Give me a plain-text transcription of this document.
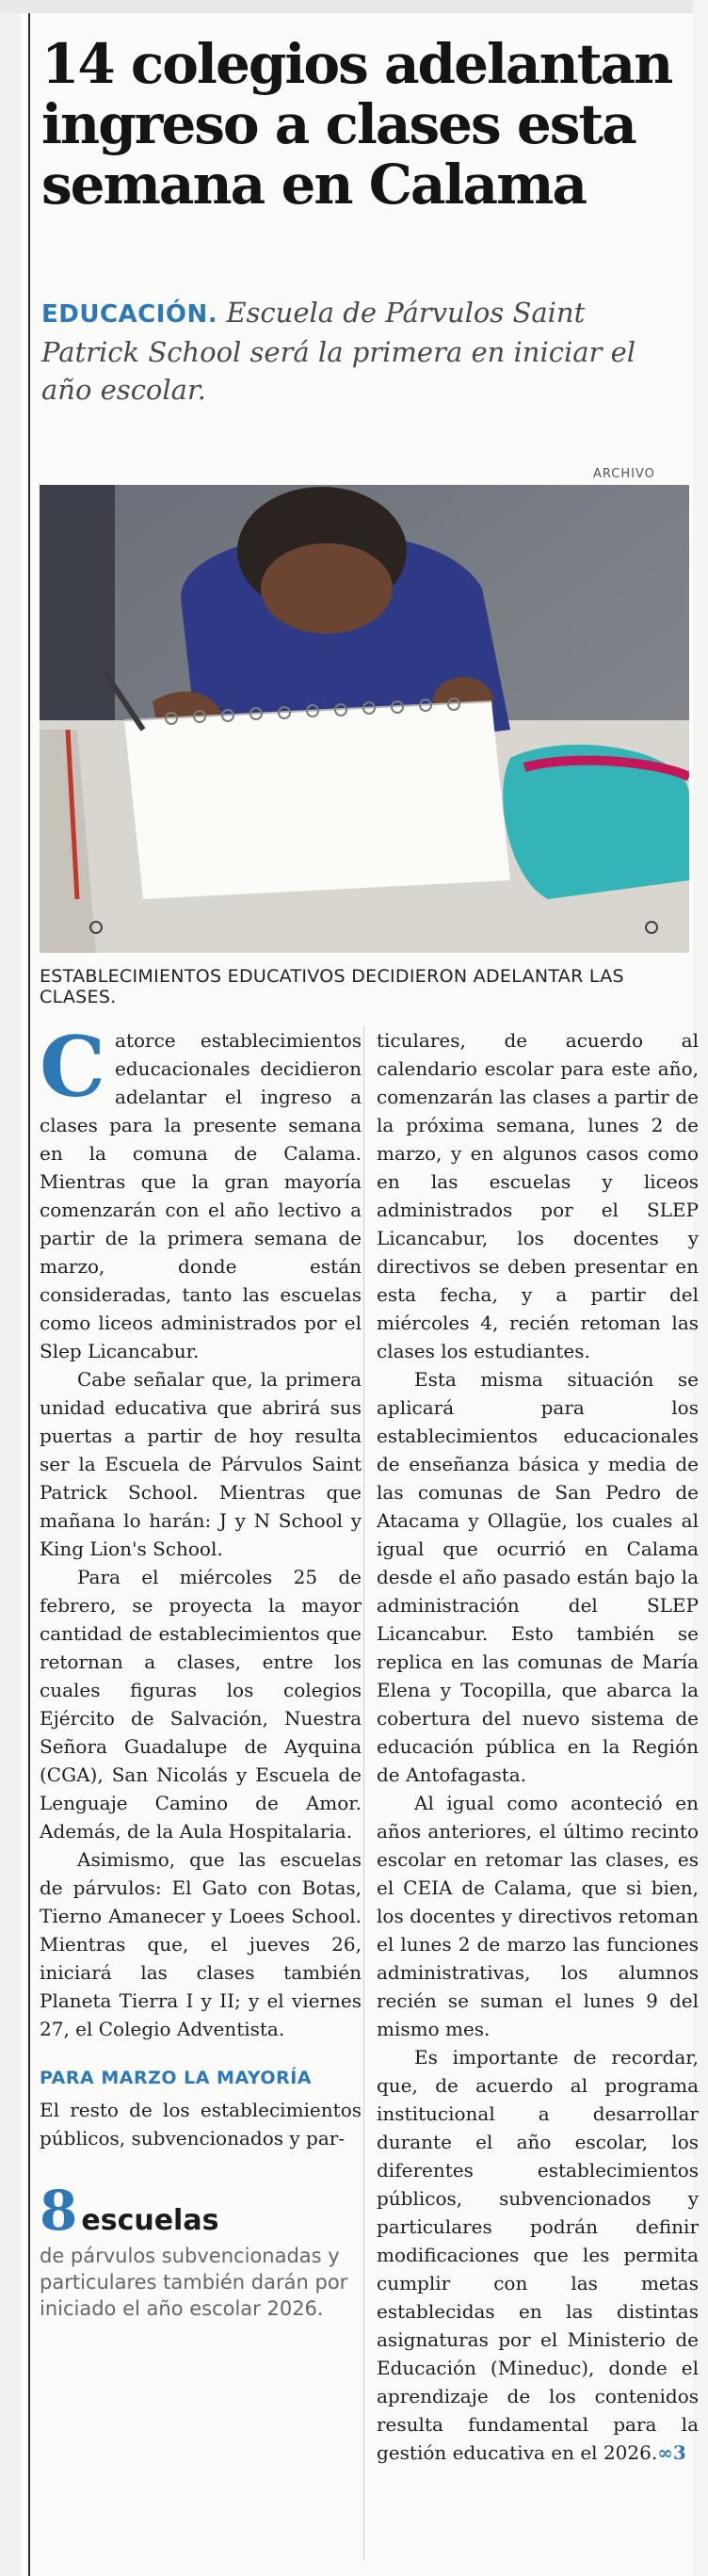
14 colegios adelantan ingreso a clases esta semana en Calama

EDUCACIÓN. Escuela de Párvulos Saint Patrick School será la primera en iniciar el año escolar.

ARCHIVO
ESTABLECIMIENTOS EDUCATIVOS DECIDIERON ADELANTAR LAS CLASES.

Catorce establecimientos educacionales decidieron adelantar el ingreso a clases para la presente semana en la comuna de Calama. Mientras que la gran mayoría comenzarán con el año lectivo a partir de la primera semana de marzo, donde están consideradas, tanto las escuelas como liceos administrados por el Slep Licancabur.

Cabe señalar que, la primera unidad educativa que abrirá sus puertas a partir de hoy resulta ser la Escuela de Párvulos Saint Patrick School. Mientras que mañana lo harán: J y N School y King Lion's School.

Para el miércoles 25 de febrero, se proyecta la mayor cantidad de establecimientos que retornan a clases, entre los cuales figuras los colegios Ejército de Salvación, Nuestra Señora Guadalupe de Ayquina (CGA), San Nicolás y Escuela de Lenguaje Camino de Amor. Además, de la Aula Hospitalaria.

Asimismo, que las escuelas de párvulos: El Gato con Botas, Tierno Amanecer y Loees School. Mientras que, el jueves 26, iniciará las clases también Planeta Tierra I y II; y el viernes 27, el Colegio Adventista.

PARA MARZO LA MAYORÍA

El resto de los establecimientos públicos, subvencionados y par-

8 escuelas
de párvulos subvencionadas y particulares también darán por iniciado el año escolar 2026.

ticulares, de acuerdo al calendario escolar para este año, comenzarán las clases a partir de la próxima semana, lunes 2 de marzo, y en algunos casos como en las escuelas y liceos administrados por el SLEP Licancabur, los docentes y directivos se deben presentar en esta fecha, y a partir del miércoles 4, recién retoman las clases los estudiantes.

Esta misma situación se aplicará para los establecimientos educacionales de enseñanza básica y media de las comunas de San Pedro de Atacama y Ollagüe, los cuales al igual que ocurrió en Calama desde el año pasado están bajo la administración del SLEP Licancabur. Esto también se replica en las comunas de María Elena y Tocopilla, que abarca la cobertura del nuevo sistema de educación pública en la Región de Antofagasta.

Al igual como aconteció en años anteriores, el último recinto escolar en retomar las clases, es el CEIA de Calama, que si bien, los docentes y directivos retoman el lunes 2 de marzo las funciones administrativas, los alumnos recién se suman el lunes 9 del mismo mes.

Es importante de recordar, que, de acuerdo al programa institucional a desarrollar durante el año escolar, los diferentes establecimientos públicos, subvencionados y particulares podrán definir modificaciones que les permita cumplir con las metas establecidas en las distintas asignaturas por el Ministerio de Educación (Mineduc), donde el aprendizaje de los contenidos resulta fundamental para la gestión educativa en el 2026.∞3
